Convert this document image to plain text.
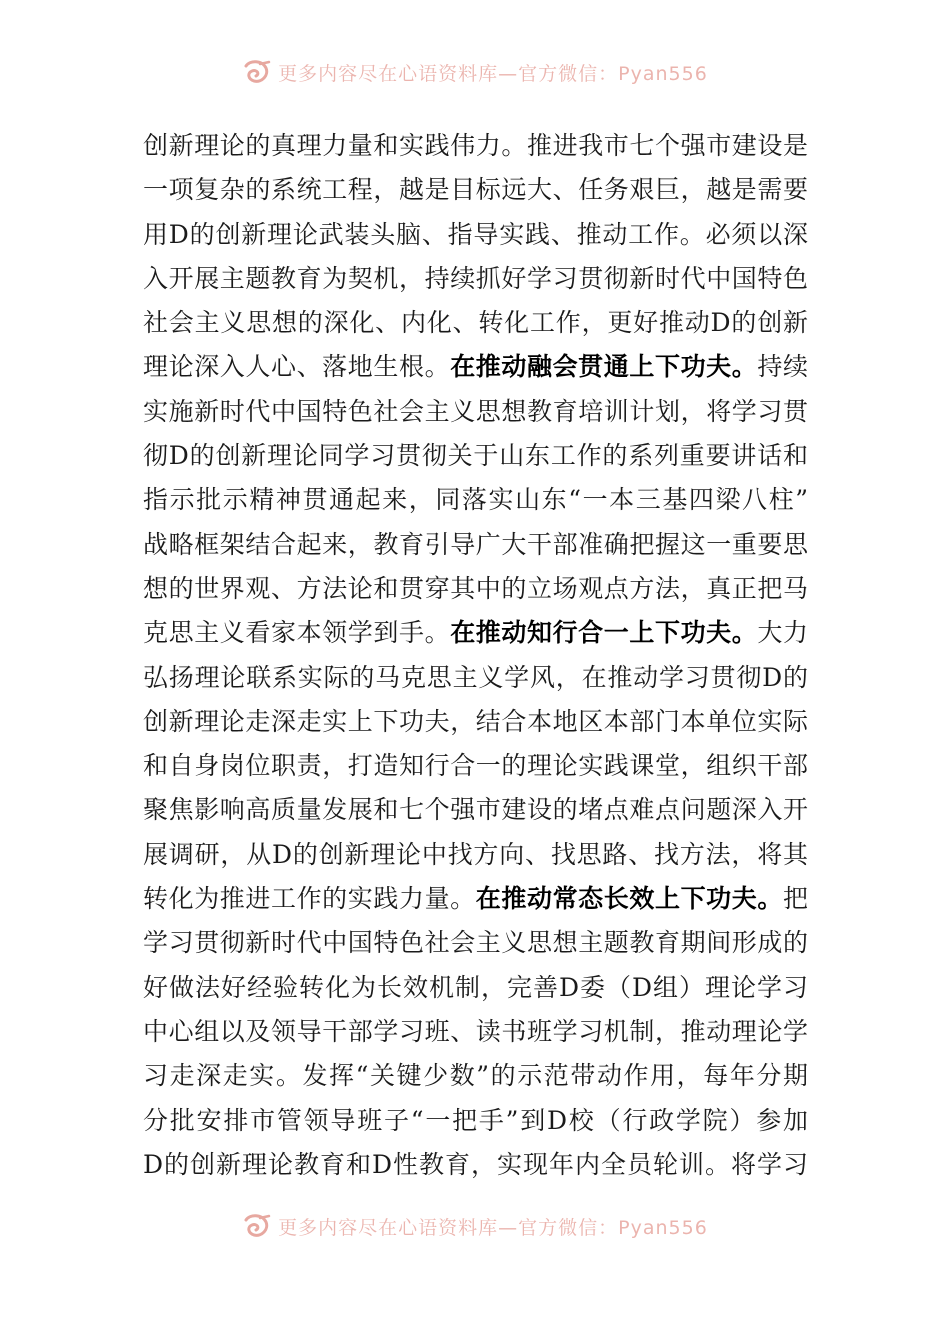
更多内容尽在心语资料库—官方微信：Pyan556
创新理论的真理力量和实践伟力。推进我市七个强市建设是
一项复杂的系统工程，越是目标远大、任务艰巨，越是需要
用D的创新理论武装头脑、指导实践、推动工作。必须以深
入开展主题教育为契机，持续抓好学习贯彻新时代中国特色
社会主义思想的深化、内化、转化工作，更好推动D的创新
理论深入人心、落地生根。在推动融会贯通上下功夫。持续
实施新时代中国特色社会主义思想教育培训计划，将学习贯
彻D的创新理论同学习贯彻关于山东工作的系列重要讲话和
指示批示精神贯通起来，同落实山东“一本三基四梁八柱”
战略框架结合起来，教育引导广大干部准确把握这一重要思
想的世界观、方法论和贯穿其中的立场观点方法，真正把马
克思主义看家本领学到手。在推动知行合一上下功夫。大力
弘扬理论联系实际的马克思主义学风，在推动学习贯彻D的
创新理论走深走实上下功夫，结合本地区本部门本单位实际
和自身岗位职责，打造知行合一的理论实践课堂，组织干部
聚焦影响高质量发展和七个强市建设的堵点难点问题深入开
展调研，从D的创新理论中找方向、找思路、找方法，将其
转化为推进工作的实践力量。在推动常态长效上下功夫。把
学习贯彻新时代中国特色社会主义思想主题教育期间形成的
好做法好经验转化为长效机制，完善D委（D组）理论学习
中心组以及领导干部学习班、读书班学习机制，推动理论学
习走深走实。发挥“关键少数”的示范带动作用，每年分期
分批安排市管领导班子“一把手”到D校（行政学院）参加
D的创新理论教育和D性教育，实现年内全员轮训。将学习
更多内容尽在心语资料库—官方微信：Pyan556
